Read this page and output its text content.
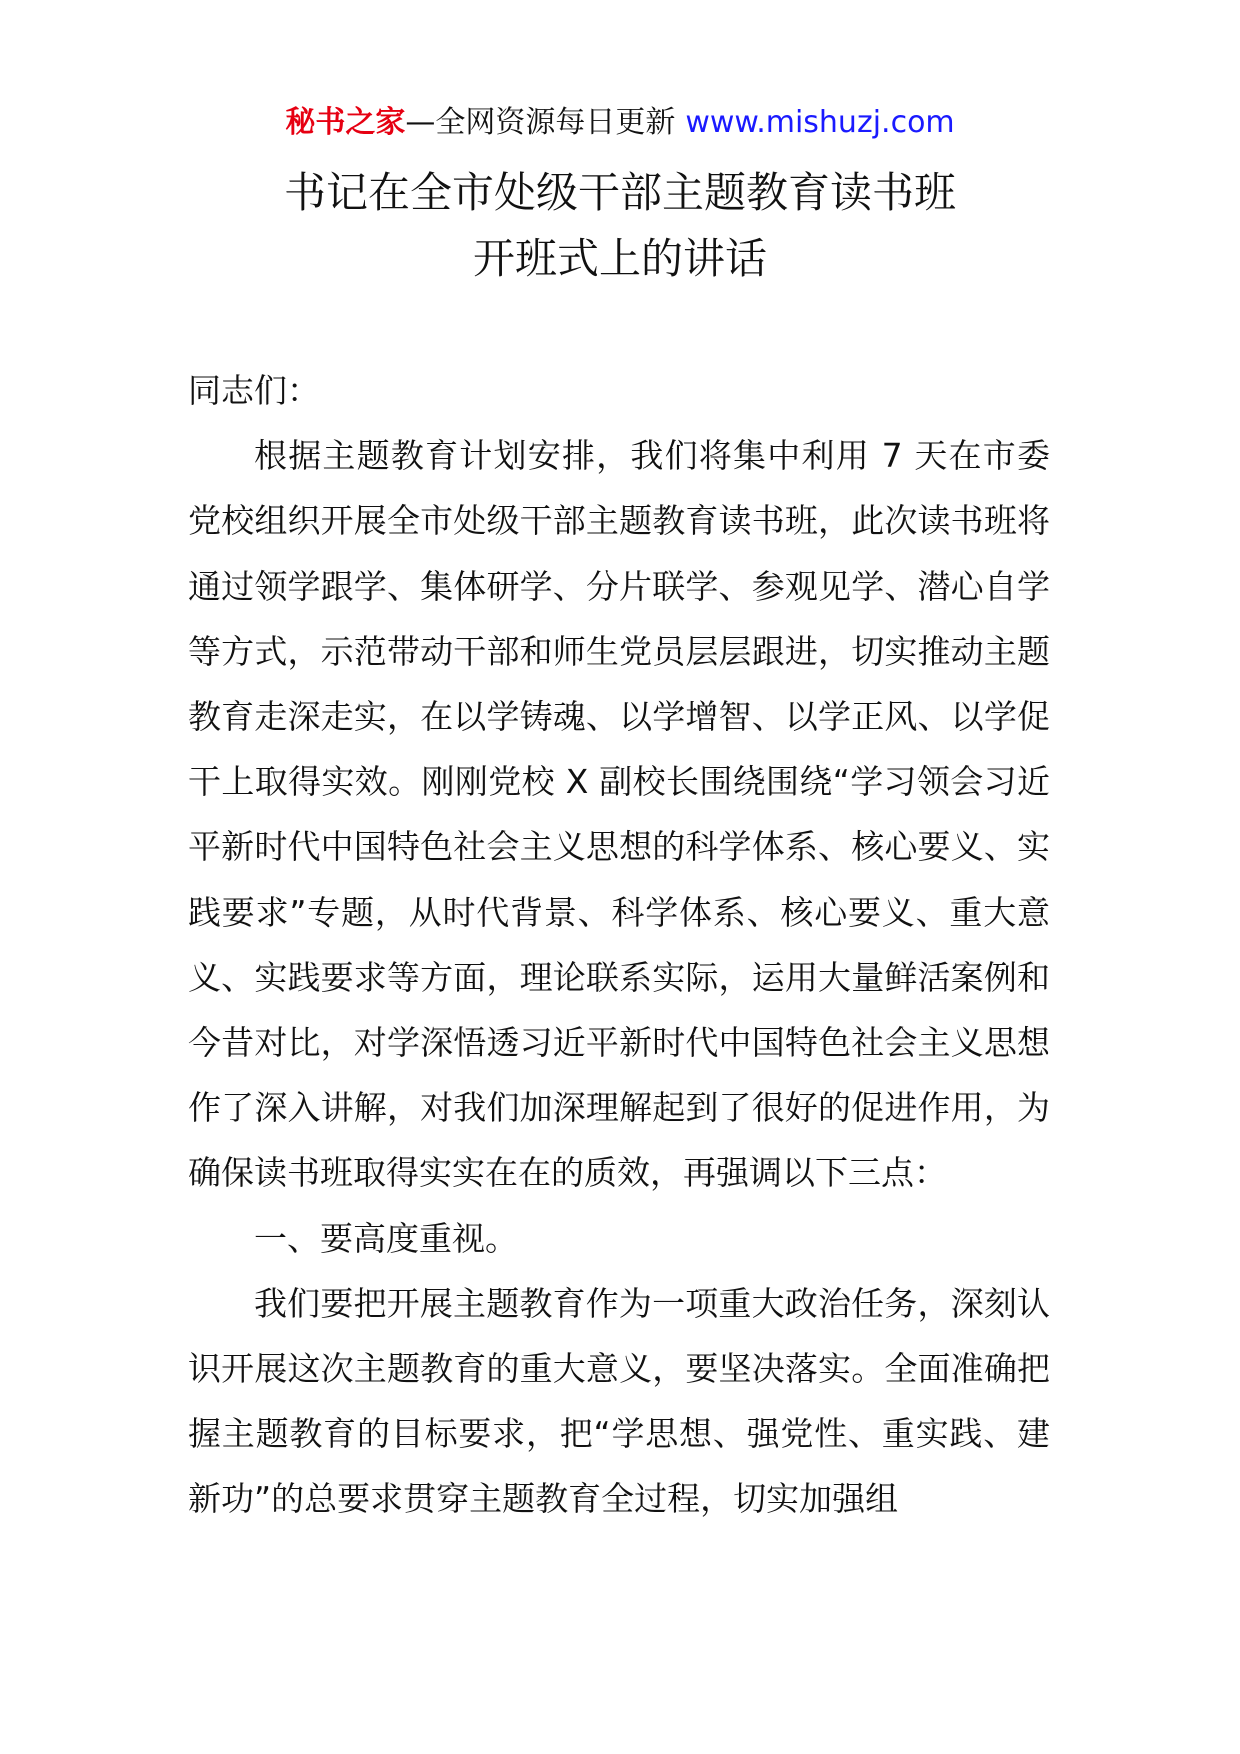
秘书之家—全网资源每日更新 www.mishuzj.com
书记在全市处级干部主题教育读书班
开班式上的讲话

同志们：

根据主题教育计划安排，我们将集中利用 7 天在市委党校组织开展全市处级干部主题教育读书班，此次读书班将通过领学跟学、集体研学、分片联学、参观见学、潜心自学等方式，示范带动干部和师生党员层层跟进，切实推动主题教育走深走实，在以学铸魂、以学增智、以学正风、以学促干上取得实效。刚刚党校 X 副校长围绕围绕“学习领会习近平新时代中国特色社会主义思想的科学体系、核心要义、实践要求”专题，从时代背景、科学体系、核心要义、重大意义、实践要求等方面，理论联系实际，运用大量鲜活案例和今昔对比，对学深悟透习近平新时代中国特色社会主义思想作了深入讲解，对我们加深理解起到了很好的促进作用，为确保读书班取得实实在在的质效，再强调以下三点：

一、要高度重视。

我们要把开展主题教育作为一项重大政治任务，深刻认识开展这次主题教育的重大意义，要坚决落实。全面准确把握主题教育的目标要求，把“学思想、强党性、重实践、建新功”的总要求贯穿主题教育全过程，切实加强组
